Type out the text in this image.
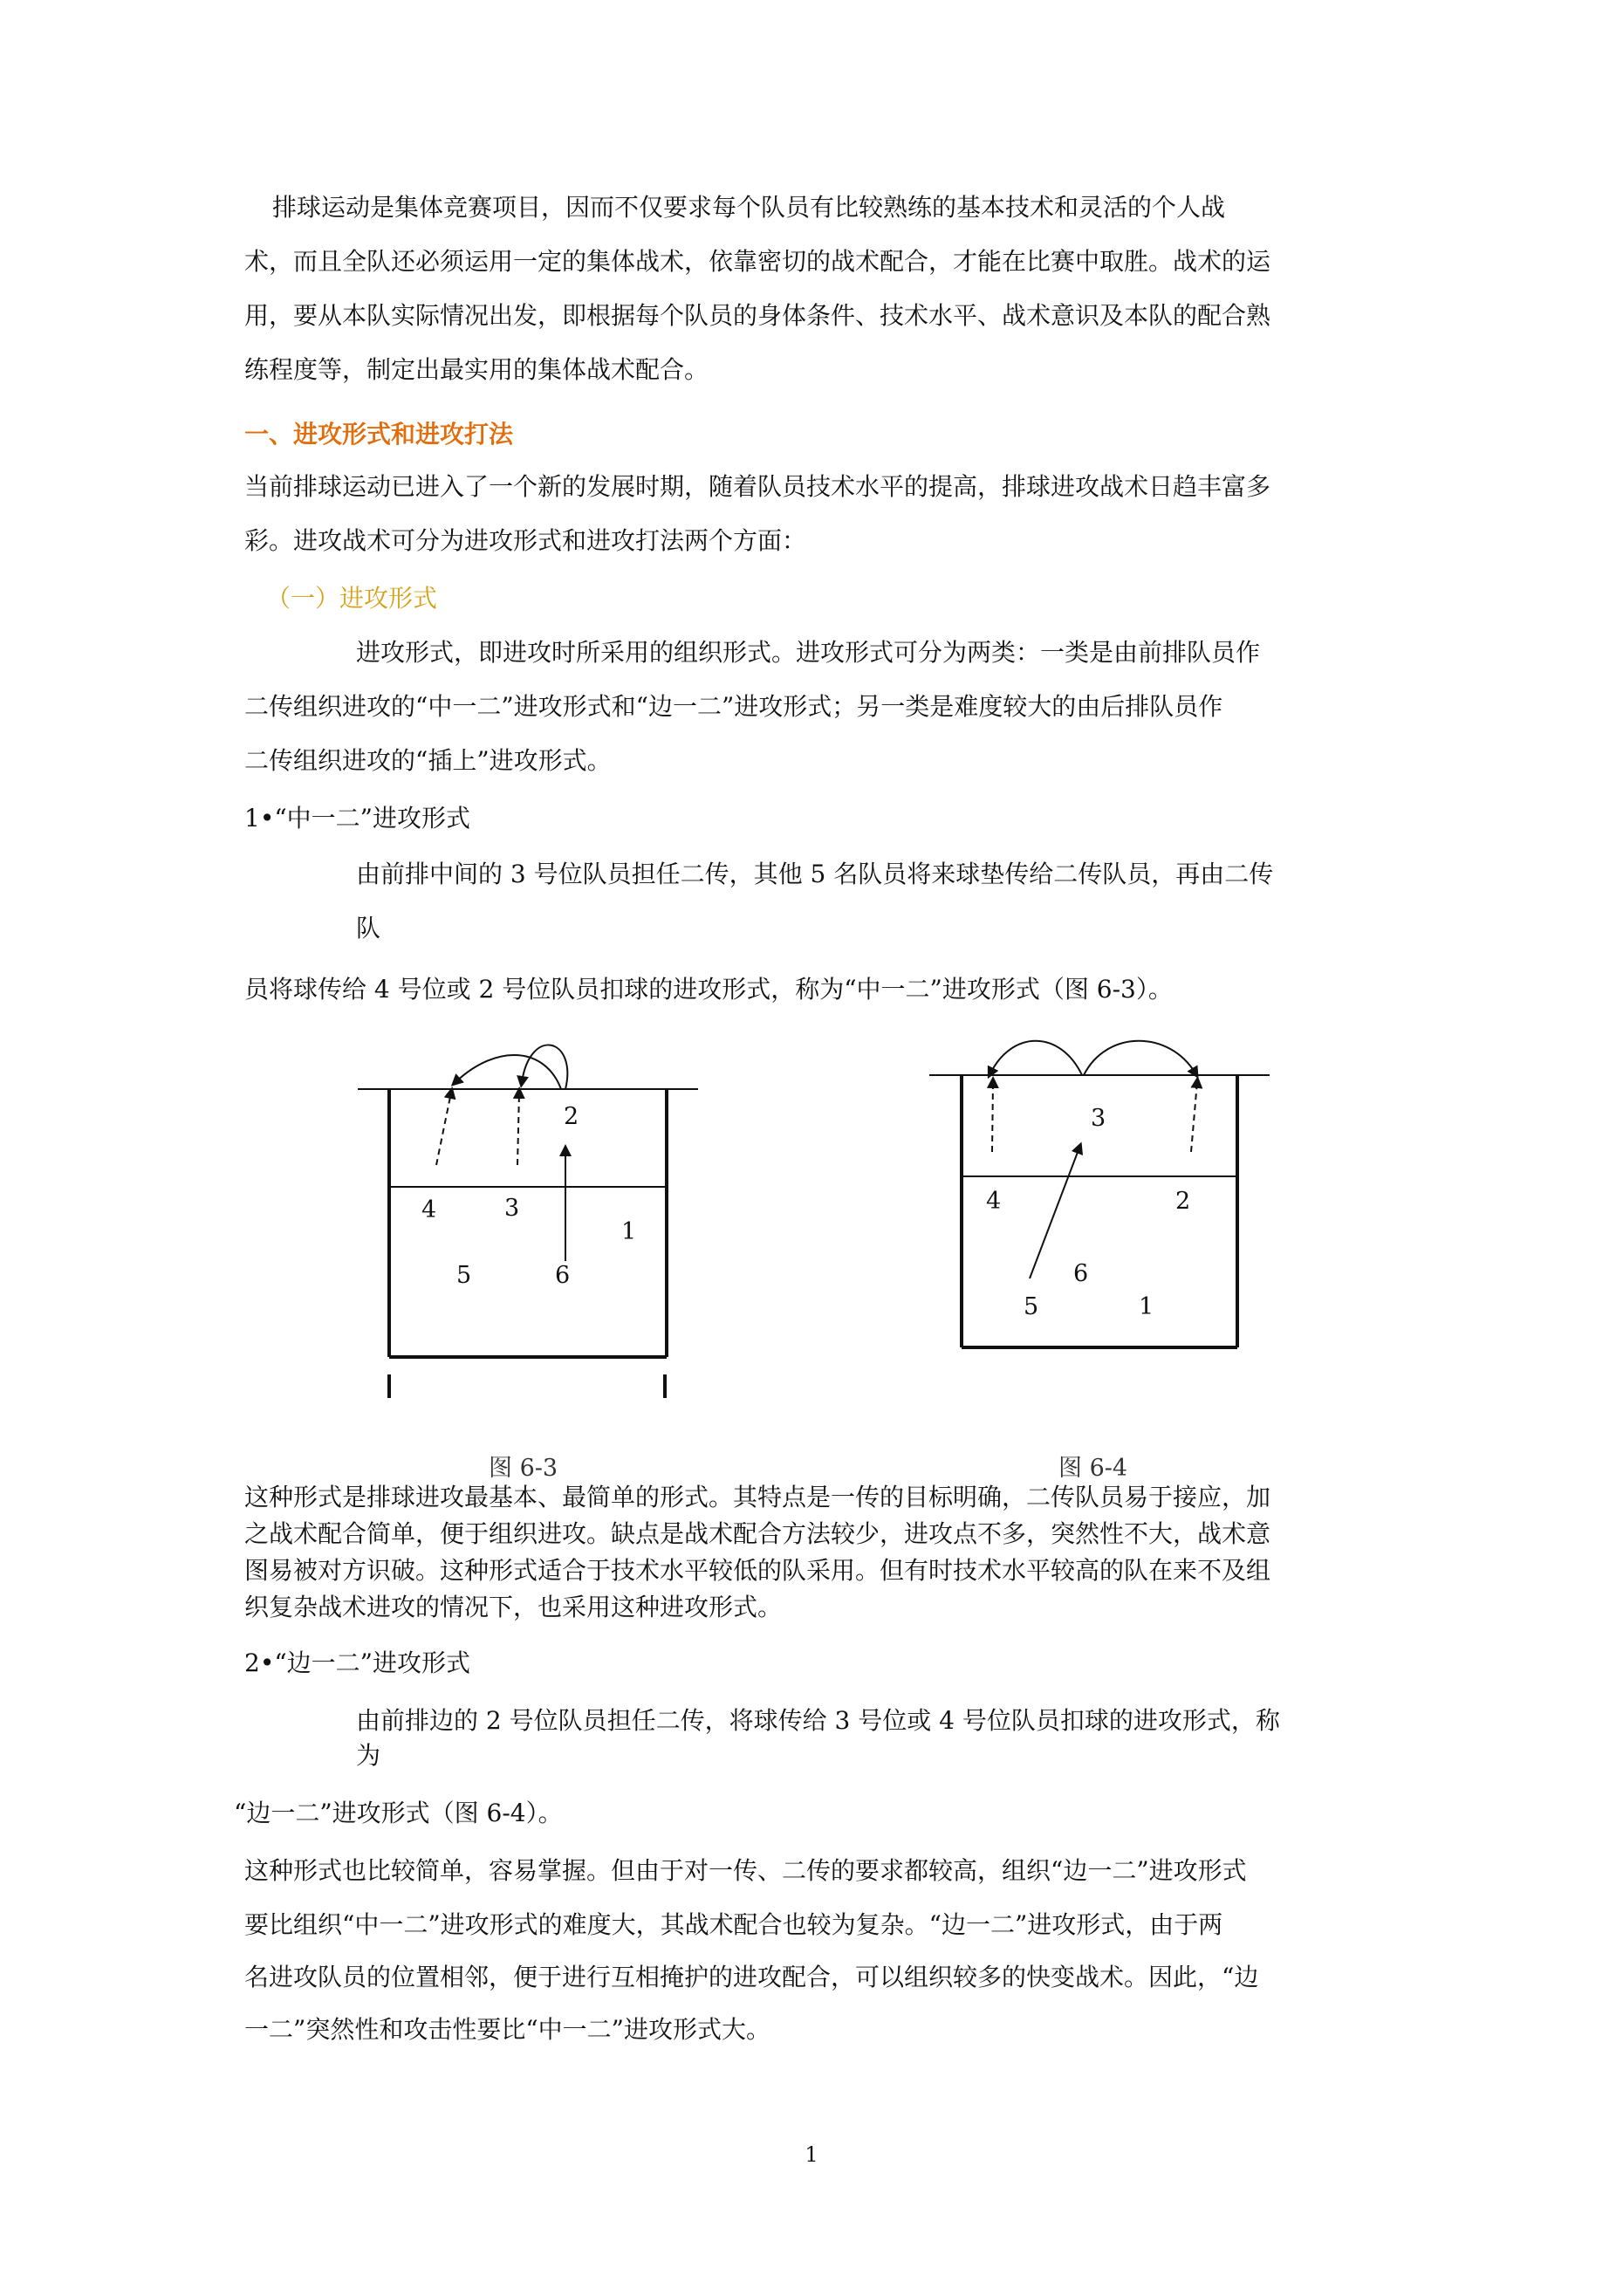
排球运动是集体竞赛项目，因而不仅要求每个队员有比较熟练的基本技术和灵活的个人战
术，而且全队还必须运用一定的集体战术，依靠密切的战术配合，才能在比赛中取胜。战术的运
用，要从本队实际情况出发，即根据每个队员的身体条件、技术水平、战术意识及本队的配合熟
练程度等，制定出最实用的集体战术配合。
一、进攻形式和进攻打法
当前排球运动已进入了一个新的发展时期，随着队员技术水平的提高，排球进攻战术日趋丰富多
彩。进攻战术可分为进攻形式和进攻打法两个方面：
（一）进攻形式
进攻形式，即进攻时所采用的组织形式。进攻形式可分为两类：一类是由前排队员作
二传组织进攻的“中一二”进攻形式和“边一二”进攻形式；另一类是难度较大的由后排队员作
二传组织进攻的“插上”进攻形式。
1•“中一二”进攻形式
由前排中间的 3 号位队员担任二传，其他 5 名队员将来球垫传给二传队员，再由二传
队
员将球传给 4 号位或 2 号位队员扣球的进攻形式，称为“中一二”进攻形式（图 6-3）。
2
4	3
1
5	6
3
4	2
6
5	1
图 6-3	图 6-4
这种形式是排球进攻最基本、最简单的形式。其特点是一传的目标明确，二传队员易于接应，加
之战术配合简单，便于组织进攻。缺点是战术配合方法较少，进攻点不多，突然性不大，战术意
图易被对方识破。这种形式适合于技术水平较低的队采用。但有时技术水平较高的队在来不及组
织复杂战术进攻的情况下，也采用这种进攻形式。
2•“边一二”进攻形式
由前排边的 2 号位队员担任二传，将球传给 3 号位或 4 号位队员扣球的进攻形式，称
为
“边一二”进攻形式（图 6-4）。
这种形式也比较简单，容易掌握。但由于对一传、二传的要求都较高，组织“边一二”进攻形式
要比组织“中一二”进攻形式的难度大，其战术配合也较为复杂。“边一二”进攻形式，由于两
名进攻队员的位置相邻，便于进行互相掩护的进攻配合，可以组织较多的快变战术。因此，“边
一二”突然性和攻击性要比“中一二”进攻形式大。
1
